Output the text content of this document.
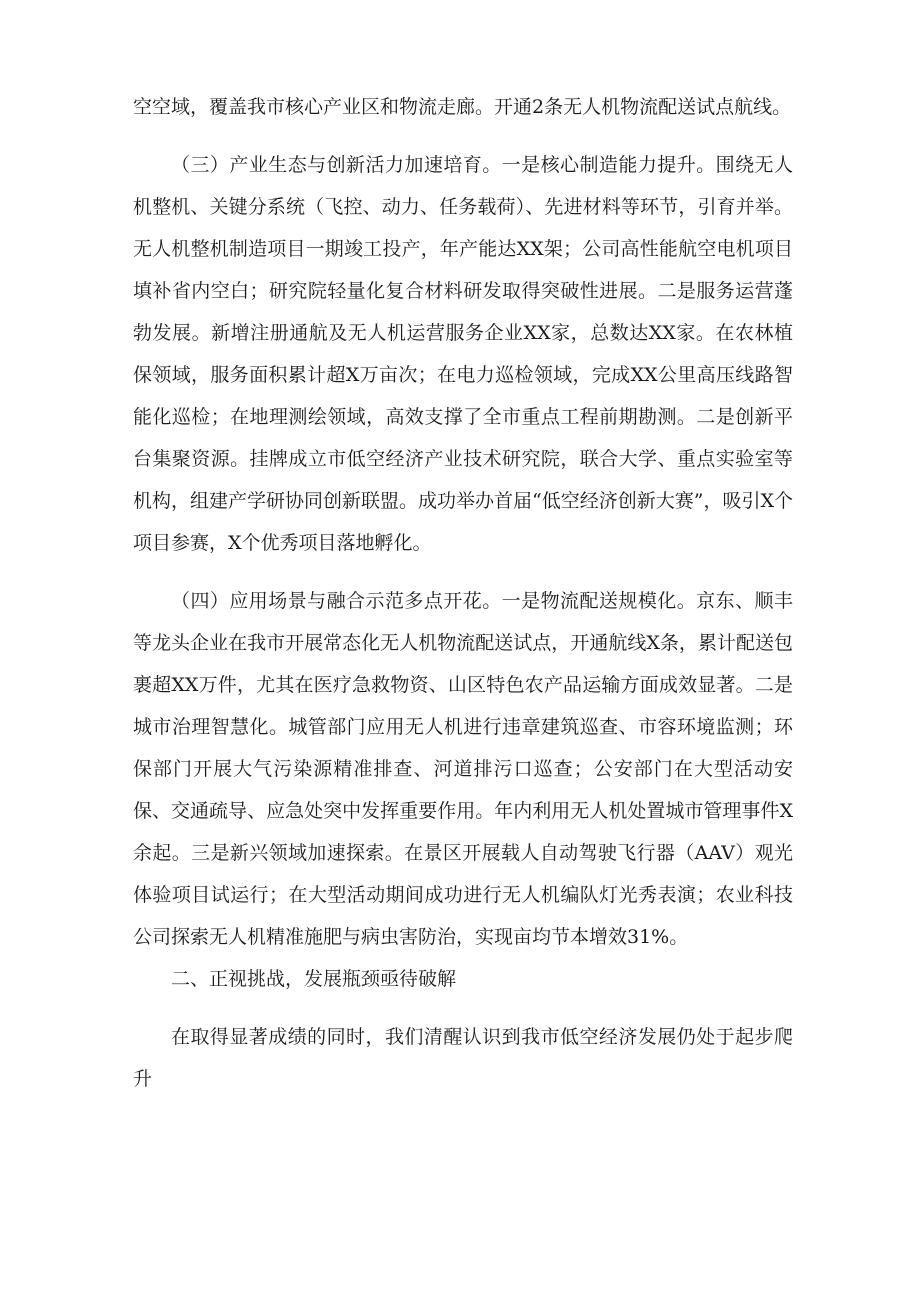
空空域，覆盖我市核心产业区和物流走廊。开通2条无人机物流配送试点航线。

（三）产业生态与创新活力加速培育。一是核心制造能力提升。围绕无人机整机、关键分系统（飞控、动力、任务载荷）、先进材料等环节，引育并举。无人机整机制造项目一期竣工投产，年产能达XX架；公司高性能航空电机项目填补省内空白；研究院轻量化复合材料研发取得突破性进展。二是服务运营蓬勃发展。新增注册通航及无人机运营服务企业XX家，总数达XX家。在农林植保领域，服务面积累计超X万亩次；在电力巡检领域，完成XX公里高压线路智能化巡检；在地理测绘领域，高效支撑了全市重点工程前期勘测。二是创新平台集聚资源。挂牌成立市低空经济产业技术研究院，联合大学、重点实验室等机构，组建产学研协同创新联盟。成功举办首届“低空经济创新大赛”，吸引X个项目参赛，X个优秀项目落地孵化。

（四）应用场景与融合示范多点开花。一是物流配送规模化。京东、顺丰等龙头企业在我市开展常态化无人机物流配送试点，开通航线X条，累计配送包裹超XX万件，尤其在医疗急救物资、山区特色农产品运输方面成效显著。二是城市治理智慧化。城管部门应用无人机进行违章建筑巡查、市容环境监测；环保部门开展大气污染源精准排查、河道排污口巡查；公安部门在大型活动安保、交通疏导、应急处突中发挥重要作用。年内利用无人机处置城市管理事件X余起。三是新兴领域加速探索。在景区开展载人自动驾驶飞行器（AAV）观光体验项目试运行；在大型活动期间成功进行无人机编队灯光秀表演；农业科技公司探索无人机精准施肥与病虫害防治，实现亩均节本增效31%。

二、正视挑战，发展瓶颈亟待破解

在取得显著成绩的同时，我们清醒认识到我市低空经济发展仍处于起步爬升
